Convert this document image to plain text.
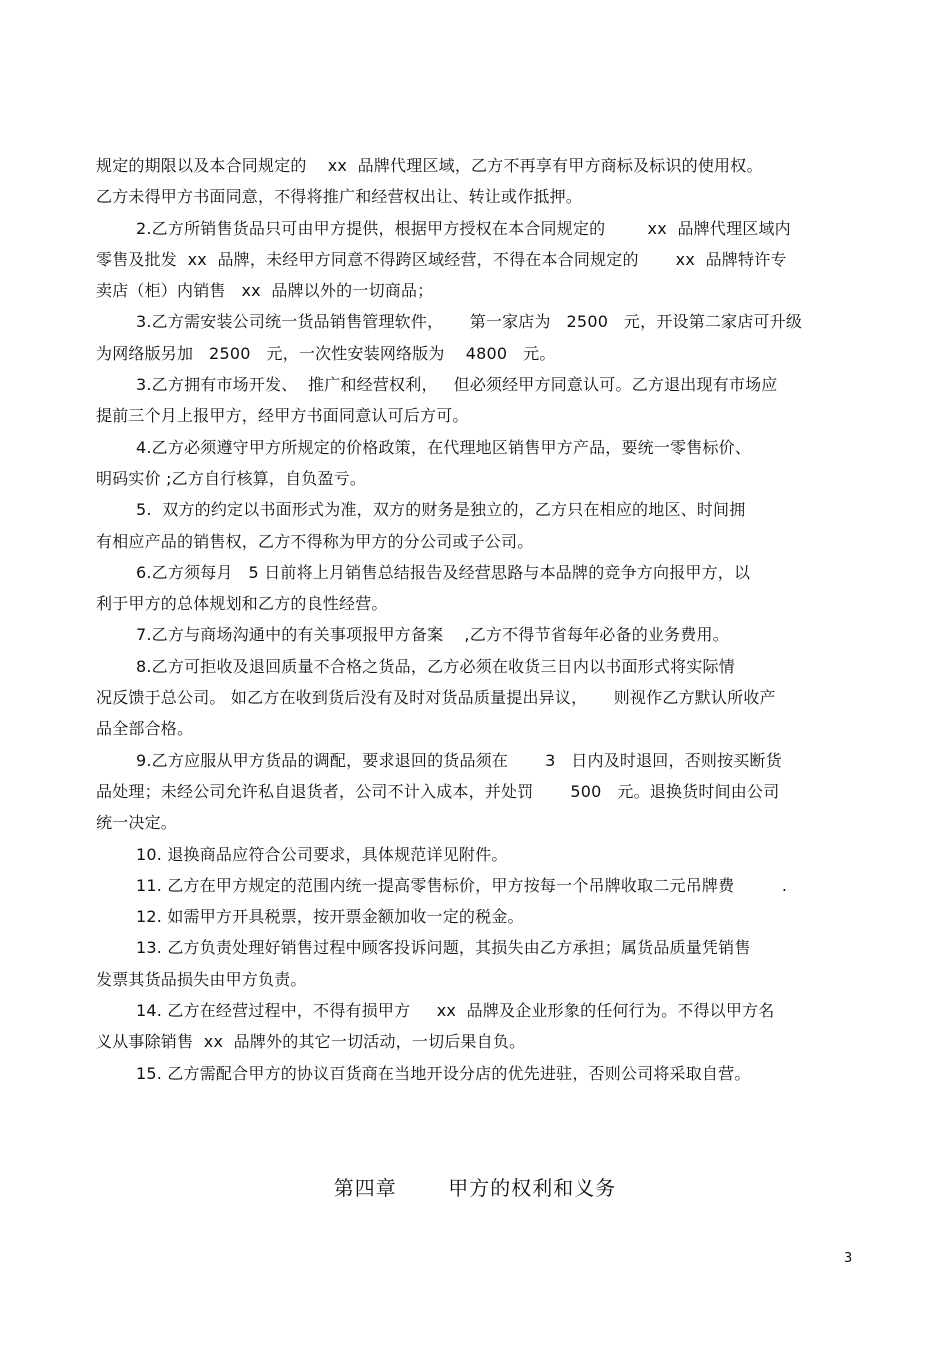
规定的期限以及本合同规定的    xx  品牌代理区域，乙方不再享有甲方商标及标识的使用权。

乙方未得甲方书面同意，不得将推广和经营权出让、转让或作抵押。

2.乙方所销售货品只可由甲方提供，根据甲方授权在本合同规定的        xx  品牌代理区域内

零售及批发  xx  品牌，未经甲方同意不得跨区域经营，不得在本合同规定的       xx  品牌特许专

卖店（柜）内销售   xx  品牌以外的一切商品；

3.乙方需安装公司统一货品销售管理软件，     第一家店为   2500   元，开设第二家店可升级

为网络版另加   2500   元，一次性安装网络版为    4800   元。

3.乙方拥有市场开发、  推广和经营权利，   但必须经甲方同意认可。乙方退出现有市场应

提前三个月上报甲方，经甲方书面同意认可后方可。

4.乙方必须遵守甲方所规定的价格政策，在代理地区销售甲方产品，要统一零售标价、

明码实价 ;乙方自行核算，自负盈亏。

5.  双方的约定以书面形式为准，双方的财务是独立的，乙方只在相应的地区、时间拥

有相应产品的销售权，乙方不得称为甲方的分公司或子公司。

6.乙方须每月   5 日前将上月销售总结报告及经营思路与本品牌的竞争方向报甲方，以

利于甲方的总体规划和乙方的良性经营。

7.乙方与商场沟通中的有关事项报甲方备案    ,乙方不得节省每年必备的业务费用。

8.乙方可拒收及退回质量不合格之货品，乙方必须在收货三日内以书面形式将实际情

况反馈于总公司。 如乙方在收到货后没有及时对货品质量提出异议，     则视作乙方默认所收产

品全部合格。

9.乙方应服从甲方货品的调配，要求退回的货品须在       3   日内及时退回，否则按买断货

品处理；未经公司允许私自退货者，公司不计入成本，并处罚       500   元。退换货时间由公司

统一决定。

10. 退换商品应符合公司要求，具体规范详见附件。

11. 乙方在甲方规定的范围内统一提高零售标价，甲方按每一个吊牌收取二元吊牌费         .

12. 如需甲方开具税票，按开票金额加收一定的税金。

13. 乙方负责处理好销售过程中顾客投诉问题，其损失由乙方承担；属货品质量凭销售

发票其货品损失由甲方负责。

14. 乙方在经营过程中，不得有损甲方     xx  品牌及企业形象的任何行为。不得以甲方名

义从事除销售  xx  品牌外的其它一切活动，一切后果自负。

15. 乙方需配合甲方的协议百货商在当地开设分店的优先进驻，否则公司将采取自营。

第四章       甲方的权利和义务
3
